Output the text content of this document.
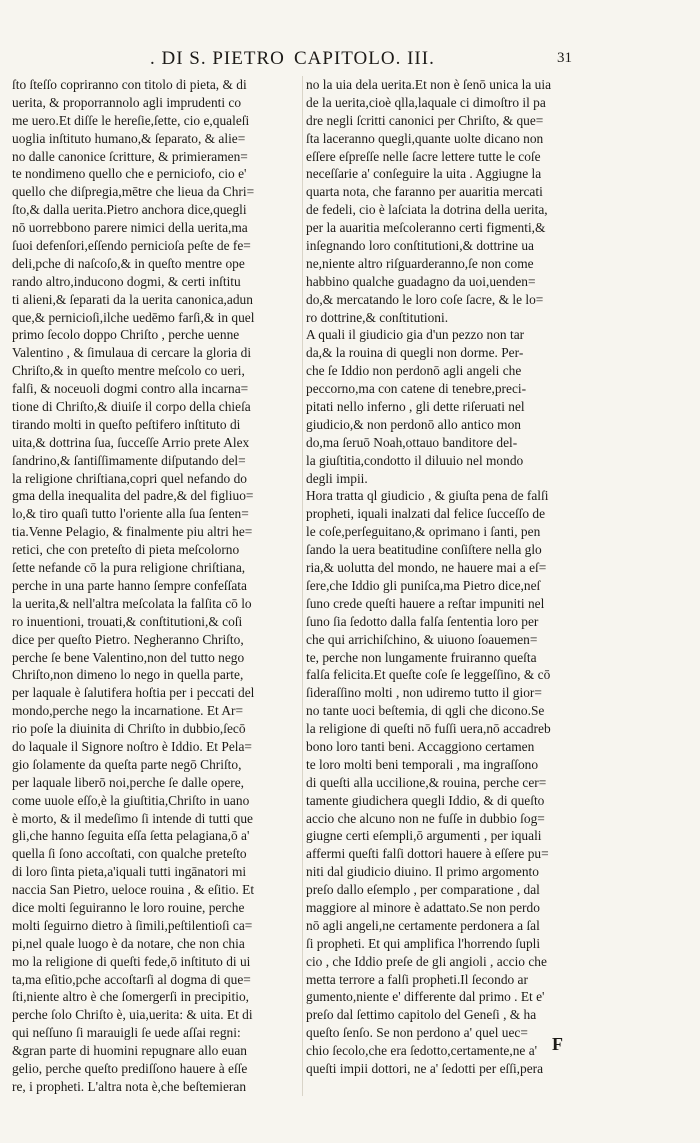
. DI S. PIETRO CAPITOLO. III.	31
ſto ſteſſo copriranno con titolo di pieta, & di
uerita, & proporrannolo agli imprudenti co
me uero.Et diſſe le hereſie,ſette, cio e,qualeſi
uoglia inſtituto humano,& ſeparato, & alie=
no dalle canonice ſcritture, & primieramen=
te nondimeno quello che e perniciofo, cio e'
quello che diſpregia,mētre che lieua da Chri=
ſto,& dalla uerita.Pietro anchora dice,quegli
nō uorrebbono parere nimici della uerita,ma
ſuoi defenſori,eſſendo pernicioſa peſte de fe=
deli,pche di naſcoſo,& in queſto mentre ope
rando altro,inducono dogmi, & certi inſtitu
ti alieni,& ſeparati da la uerita canonica,adun
que,& pernicioſi,ilche uedēmo farſi,& in quel
primo ſecolo doppo Chriſto , perche uenne
Valentino , & ſimulaua di cercare la gloria di
Chriſto,& in queſto mentre meſcolo co ueri,
falſi, & noceuoli dogmi contro alla incarna=
tione di Chriſto,& diuiſe il corpo della chieſa
tirando molti in queſto peſtifero inſtituto di
uita,& dottrina ſua, ſucceſſe Arrio prete Alex
ſandrino,& ſantiſſimamente diſputando del=
la religione chriſtiana,copri quel nefando do
gma della inequalita del padre,& del figliuo=
lo,& tiro quaſi tutto l'oriente alla ſua ſenten=
tia.Venne Pelagio, & finalmente piu altri he=
retici, che con preteſto di pieta meſcolorno
ſette nefande cō la pura religione chriſtiana,
perche in una parte hanno ſempre confeſſata
la uerita,& nell'altra meſcolata la falſita cō lo
ro inuentioni, trouati,& conſtitutioni,& coſi
dice per queſto Pietro. Negheranno Chriſto,
perche ſe bene Valentino,non del tutto nego
Chriſto,non dimeno lo nego in quella parte,
per laquale è ſalutifera hoſtia per i peccati del
mondo,perche nego la incarnatione. Et Ar=
rio poſe la diuinita di Chriſto in dubbio,ſecō
do laquale il Signore noſtro è Iddio. Et Pela=
gio ſolamente da queſta parte negō Chriſto,
per laquale liberō noi,perche ſe dalle opere,
come uuole eſſo,è la giuſtitia,Chriſto in uano
è morto, & il medeſimo ſi intende di tutti que
gli,che hanno ſeguita eſſa ſetta pelagiana,ō a'
quella ſi ſono accoſtati, con qualche preteſto
di loro ſinta pieta,a'iquali tutti ingānatori mi
naccia San Pietro, ueloce rouina , & eſitio. Et
dice molti ſeguiranno le loro rouine, perche
molti ſeguirno dietro à ſimili,peſtilentioſi ca=
pi,nel quale luogo è da notare, che non chia
mo la religione di queſti fede,ō inſtituto di ui
ta,ma eſitio,pche accoſtarſi al dogma di que=
ſti,niente altro è che ſomergerſi in precipitio,
perche ſolo Chriſto è, uia,uerita: & uita. Et di
qui neſſuno ſi marauigli ſe uede aſſai regni:
&gran parte di huomini repugnare allo euan
gelio, perche queſto prediſſono hauere à eſſe
re, i propheti. L'altra nota è,che beſtemieran
no la uia dela uerita.Et non è ſenō unica la uia
de la uerita,cioè qlla,laquale ci dimoſtro il pa
dre negli ſcritti canonici per Chriſto, & que=
ſta laceranno quegli,quante uolte dicano non
eſſere eſpreſſe nelle ſacre lettere tutte le coſe
neceſſarie a' conſeguire la uita . Aggiugne la
quarta nota, che faranno per auaritia mercati
de fedeli, cio è laſciata la dotrina della uerita,
per la auaritia meſcoleranno certi figmenti,&
inſegnando loro conſtitutioni,& dottrine ua
ne,niente altro riſguarderanno,ſe non come
habbino qualche guadagno da uoi,uenden=
do,& mercatando le loro coſe ſacre, & le lo=
ro dottrine,& conſtitutioni.
A quali il giudicio gia d'un pezzo non tar
da,& la rouina di quegli non dorme. Per-
che ſe Iddio non perdonō agli angeli che
peccorno,ma con catene di tenebre,preci-
pitati nello inferno , gli dette riſeruati nel
giudicio,& non perdonō allo antico mon
do,ma ſeruō Noah,ottauo banditore del-
la giuſtitia,condotto il diluuio nel mondo
degli impii.
Hora tratta ql giudicio , & giuſta pena de falſi
propheti, iquali inalzati dal felice ſucceſſo de
le coſe,perſeguitano,& oprimano i ſanti, pen
ſando la uera beatitudine conſiſtere nella glo
ria,& uolutta del mondo, ne hauere mai a eſ=
ſere,che Iddio gli puniſca,ma Pietro dice,neſ
ſuno crede queſti hauere a reſtar impuniti nel
ſuno ſia ſedotto dalla falſa ſententia loro per
che qui arrichiſchino, & uiuono ſoauemen=
te, perche non lungamente fruiranno queſta
falſa felicita.Et queſte coſe ſe leggeſſino, & cō
ſideraſſino molti , non udiremo tutto il gior=
no tante uoci beſtemia, di qgli che dicono.Se
la religione di queſti nō fuſſi uera,nō accadreb
bono loro tanti beni. Accaggiono certamen
te loro molti beni temporali , ma ingraſſono
di queſti alla uccilione,& rouina, perche cer=
tamente giudichera quegli Iddio, & di queſto
accio che alcuno non ne fuſſe in dubbio ſog=
giugne certi eſempli,ō argumenti , per iquali
affermi queſti falſi dottori hauere à eſſere pu=
niti dal giudicio diuino. Il primo argomento
preſo dallo eſemplo , per comparatione , dal
maggiore al minore è adattato.Se non perdo
nō agli angeli,ne certamente perdonera a ſal
ſi propheti. Et qui amplifica l'horrendo ſupli
cio , che Iddio preſe de gli angioli , accio che
metta terrore a falſi propheti.Il ſecondo ar
gumento,niente e' differente dal primo . Et e'
preſo dal ſettimo capitolo del Geneſi , & ha
queſto ſenſo. Se non perdono a' quel uec=
chio ſecolo,che era ſedotto,certamente,ne a'
queſti impii dottori, ne a' ſedotti per eſſi,pera
F
